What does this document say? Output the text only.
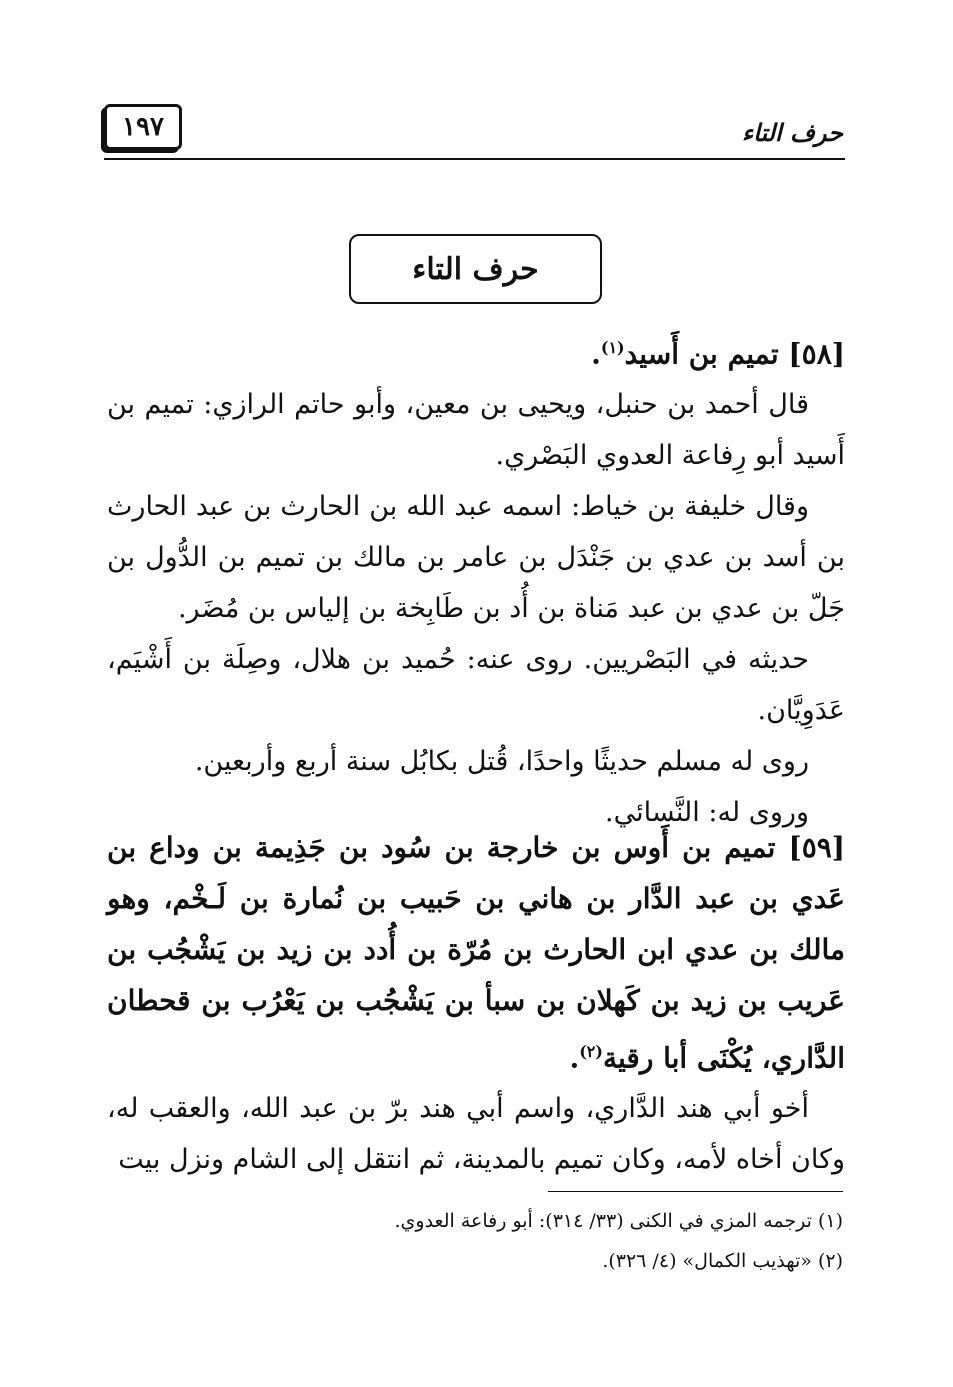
١٩٧	حرف التاء
حرف التاء
[٥٨] تميم بن أَسيد$^{(١)}$.
قال أحمد بن حنبل، ويحيى بن معين، وأبو حاتم الرازي: تميم بن أَسيد أبو رِفاعة العدوي البَصْري.
وقال خليفة بن خياط: اسمه عبد الله بن الحارث بن عبد الحارث بن أسد بن عدي بن جَنْدَل بن عامر بن مالك بن تميم بن الدُّول بن جَلّ بن عدي بن عبد مَناة بن أُد بن طَابِخة بن إلياس بن مُضَر.
حديثه في البَصْريين. روى عنه: حُميد بن هلال، وصِلَة بن أَشْيَم، عَدَوِيَّان.
روى له مسلم حديثًا واحدًا، قُتل بكابُل سنة أربع وأربعين.
وروى له: النَّسائي.
[٥٩] تميم بن أَوس بن خارجة بن سُود بن جَذِيمة بن وداع بن عَدي بن عبد الدَّار بن هاني بن حَبيب بن نُمارة بن لَـخْم، وهو مالك بن عدي ابن الحارث بن مُرّة بن أُدد بن زيد بن يَشْجُب بن عَريب بن زيد بن كَهلان بن سبأ بن يَشْجُب بن يَعْرُب بن قحطان الدَّاري، يُكْنَى أبا رقية$^{(٢)}$.
أخو أبي هند الدَّاري، واسم أبي هند برّ بن عبد الله، والعقب له، وكان أخاه لأمه، وكان تميم بالمدينة، ثم انتقل إلى الشام ونزل بيت
(١) ترجمه المزي في الكنى (٣٣/ ٣١٤): أبو رفاعة العدوي.
(٢) «تهذيب الكمال» (٤/ ٣٢٦).
